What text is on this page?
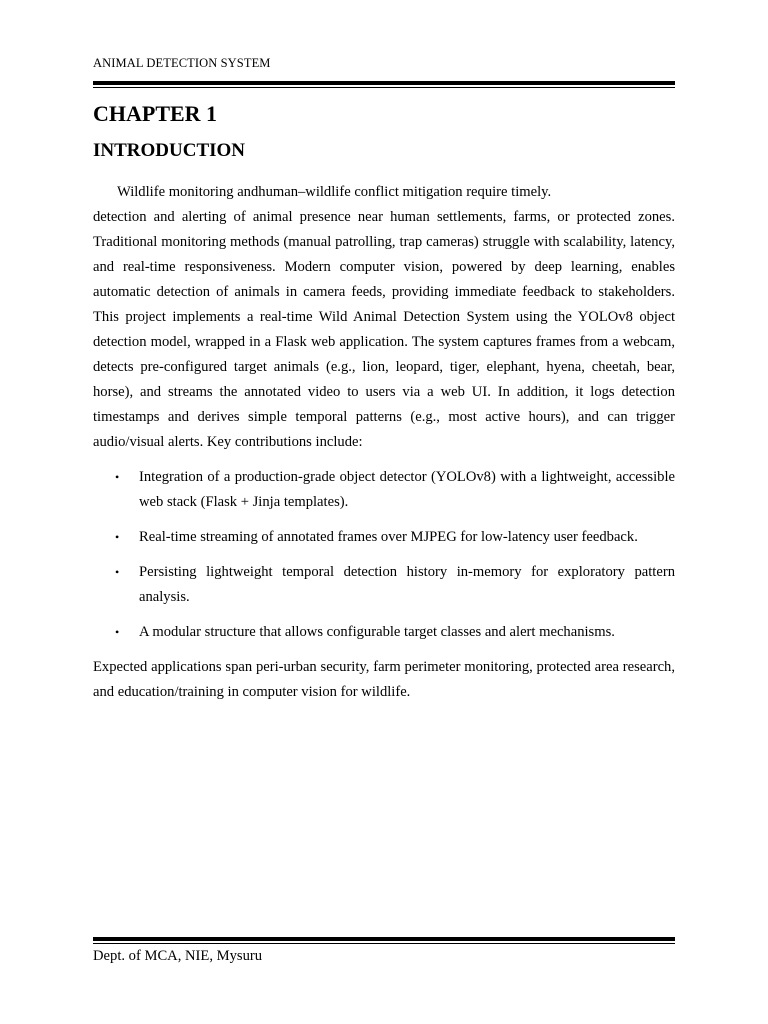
ANIMAL DETECTION SYSTEM
CHAPTER 1
INTRODUCTION

Wildlife monitoring andhuman–wildlife conflict mitigation require timely.

detection and alerting of animal presence near human settlements, farms, or protected zones. Traditional monitoring methods (manual patrolling, trap cameras) struggle with scalability, latency, and real-time responsiveness. Modern computer vision, powered by deep learning, enables automatic detection of animals in camera feeds, providing immediate feedback to stakeholders. This project implements a real-time Wild Animal Detection System using the YOLOv8 object detection model, wrapped in a Flask web application. The system captures frames from a webcam, detects pre-configured target animals (e.g., lion, leopard, tiger, elephant, hyena, cheetah, bear, horse), and streams the annotated video to users via a web UI. In addition, it logs detection timestamps and derives simple temporal patterns (e.g., most active hours), and can trigger audio/visual alerts. Key contributions include:

• Integration of a production-grade object detector (YOLOv8) with a lightweight, accessible web stack (Flask + Jinja templates).
• Real-time streaming of annotated frames over MJPEG for low-latency user feedback.
• Persisting lightweight temporal detection history in-memory for exploratory pattern analysis.
• A modular structure that allows configurable target classes and alert mechanisms.

Expected applications span peri-urban security, farm perimeter monitoring, protected area research, and education/training in computer vision for wildlife.

Dept. of MCA, NIE, Mysuru
